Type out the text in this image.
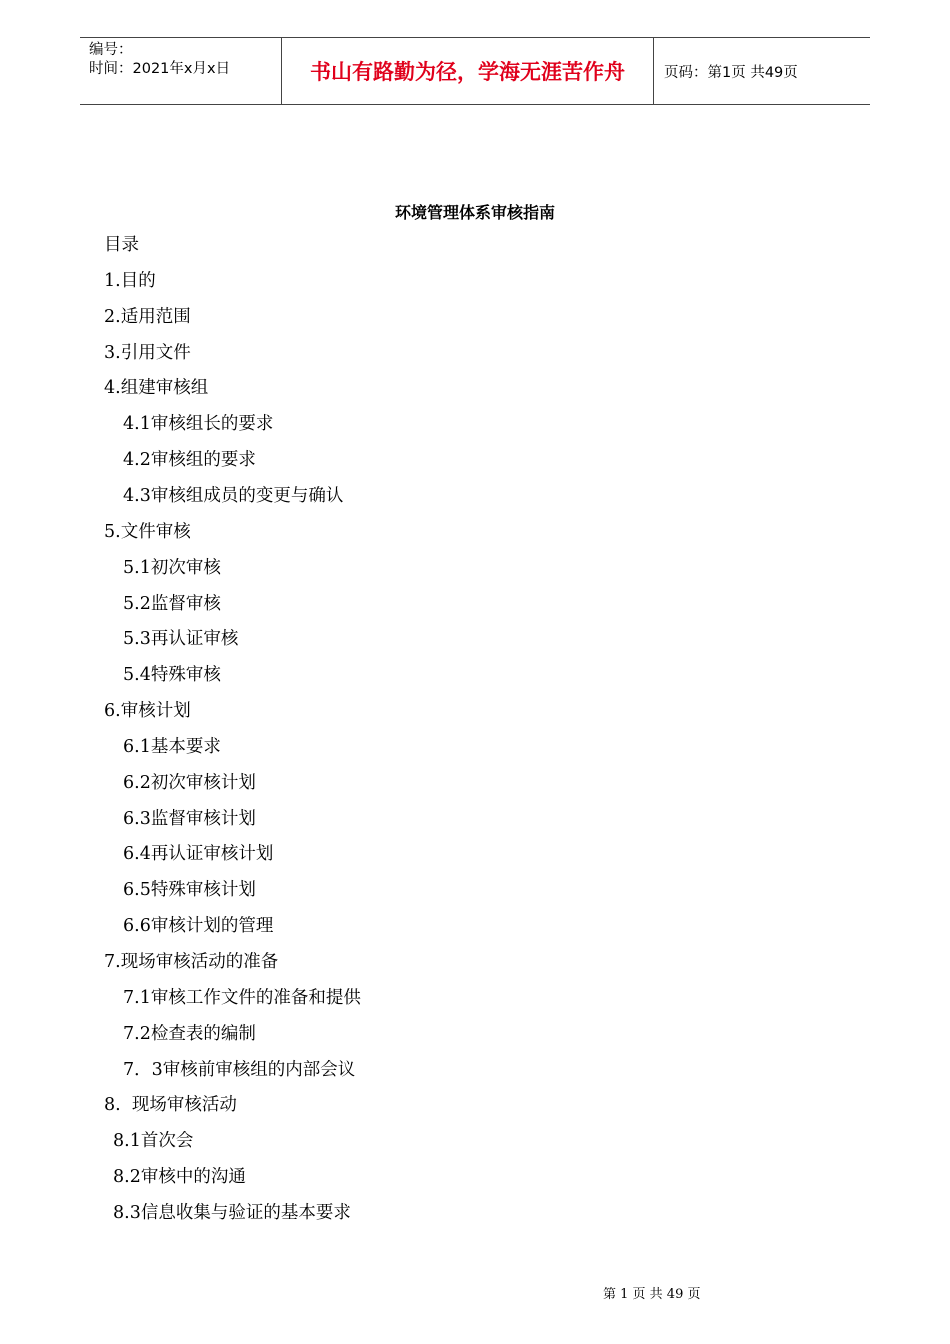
编号：
时间：2021年x月x日	书山有路勤为径，学海无涯苦作舟	页码：第1页 共49页
环境管理体系审核指南
目录
1.目的
2.适用范围
3.引用文件
4.组建审核组
4.1审核组长的要求
4.2审核组的要求
4.3审核组成员的变更与确认
5.文件审核
5.1初次审核
5.2监督审核
5.3再认证审核
5.4特殊审核
6.审核计划
6.1基本要求
6.2初次审核计划
6.3监督审核计划
6.4再认证审核计划
6.5特殊审核计划
6.6审核计划的管理
7.现场审核活动的准备
7.1审核工作文件的准备和提供
7.2检查表的编制
7．3审核前审核组的内部会议
8.  现场审核活动
8.1首次会
8.2审核中的沟通
8.3信息收集与验证的基本要求
第 1 页 共 49 页
